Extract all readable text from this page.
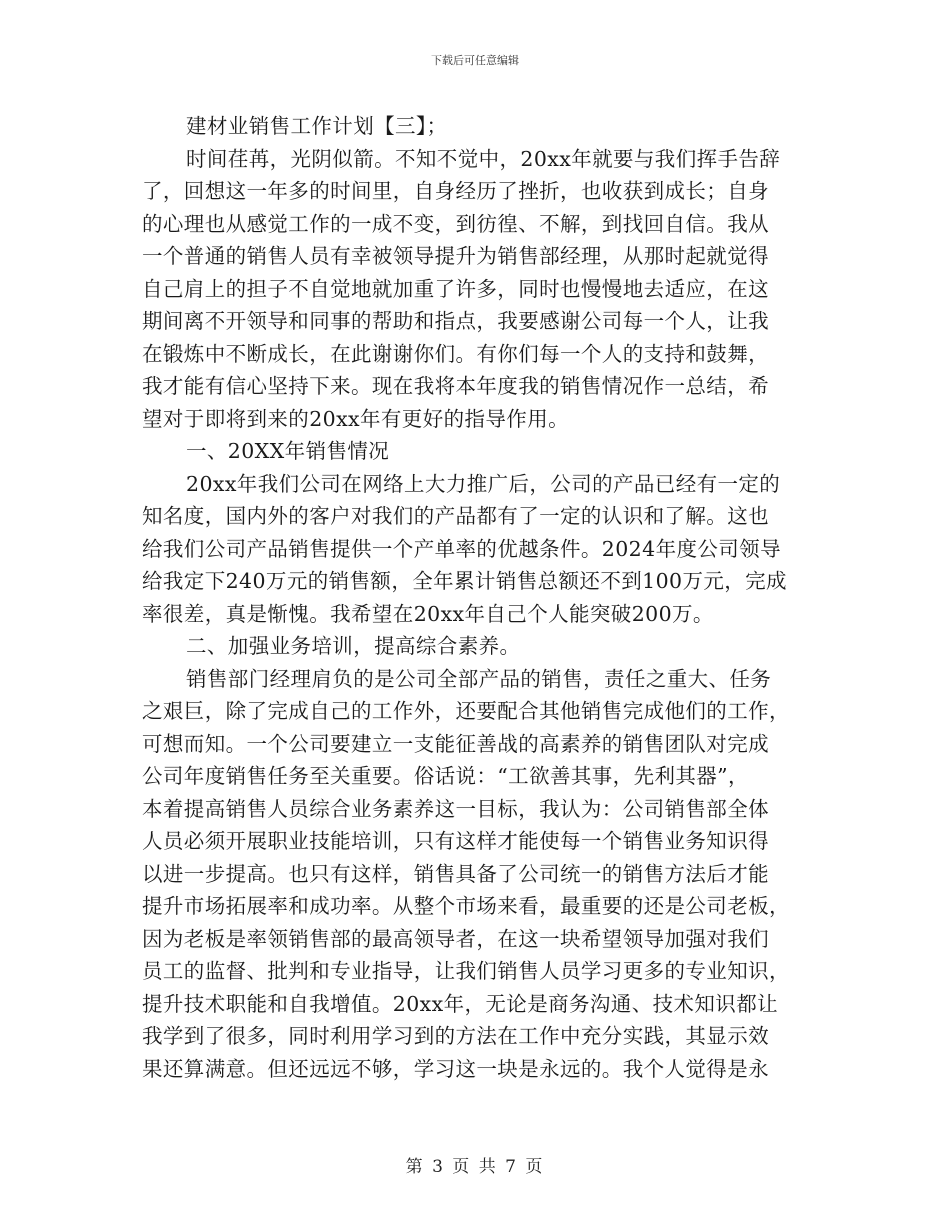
下载后可任意编辑
建材业销售工作计划【三】；
时间荏苒，光阴似箭。不知不觉中，20xx年就要与我们挥手告辞
了，回想这一年多的时间里，自身经历了挫折，也收获到成长；自身
的心理也从感觉工作的一成不变，到彷徨、不解，到找回自信。我从
一个普通的销售人员有幸被领导提升为销售部经理，从那时起就觉得
自己肩上的担子不自觉地就加重了许多，同时也慢慢地去适应，在这
期间离不开领导和同事的帮助和指点，我要感谢公司每一个人，让我
在锻炼中不断成长，在此谢谢你们。有你们每一个人的支持和鼓舞，
我才能有信心坚持下来。现在我将本年度我的销售情况作一总结，希
望对于即将到来的20xx年有更好的指导作用。
一、20XX年销售情况
20xx年我们公司在网络上大力推广后，公司的产品已经有一定的
知名度，国内外的客户对我们的产品都有了一定的认识和了解。这也
给我们公司产品销售提供一个产单率的优越条件。2024年度公司领导
给我定下240万元的销售额，全年累计销售总额还不到100万元，完成
率很差，真是惭愧。我希望在20xx年自己个人能突破200万。
二、加强业务培训，提高综合素养。
销售部门经理肩负的是公司全部产品的销售，责任之重大、任务
之艰巨，除了完成自己的工作外，还要配合其他销售完成他们的工作，
可想而知。一个公司要建立一支能征善战的高素养的销售团队对完成
公司年度销售任务至关重要。俗话说：“工欲善其事，先利其器”，
本着提高销售人员综合业务素养这一目标，我认为：公司销售部全体
人员必须开展职业技能培训，只有这样才能使每一个销售业务知识得
以进一步提高。也只有这样，销售具备了公司统一的销售方法后才能
提升市场拓展率和成功率。从整个市场来看，最重要的还是公司老板，
因为老板是率领销售部的最高领导者，在这一块希望领导加强对我们
员工的监督、批判和专业指导，让我们销售人员学习更多的专业知识，
提升技术职能和自我增值。20xx年，无论是商务沟通、技术知识都让
我学到了很多，同时利用学习到的方法在工作中充分实践，其显示效
果还算满意。但还远远不够，学习这一块是永远的。我个人觉得是永
第 3 页 共 7 页
